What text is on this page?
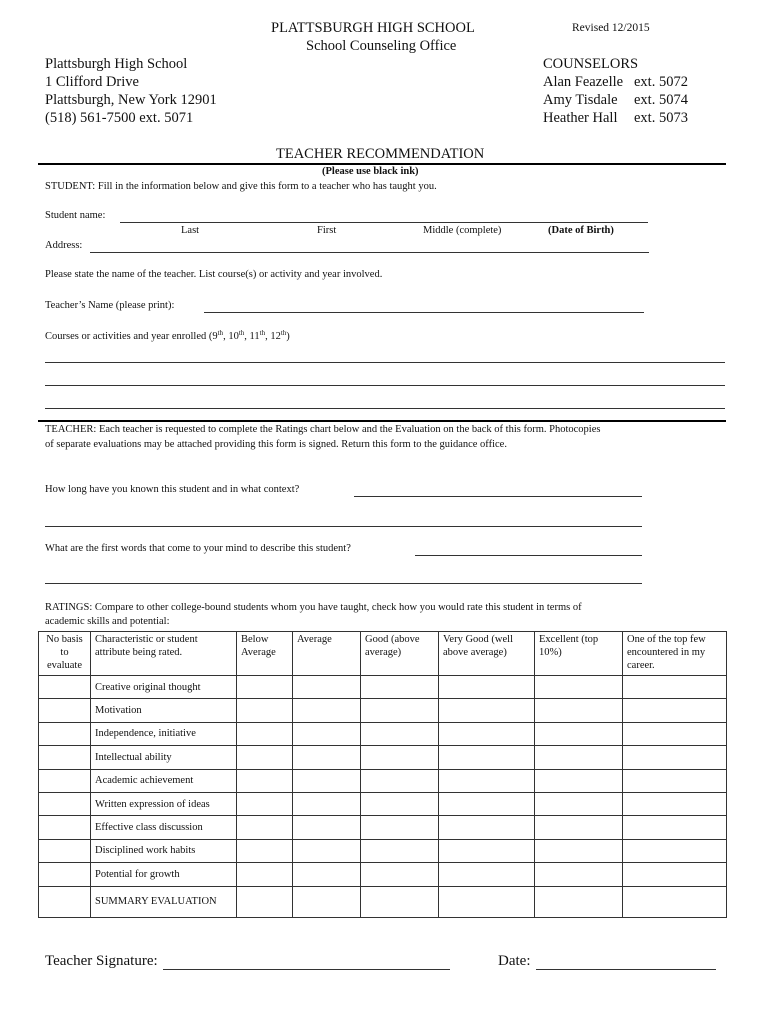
PLATTSBURGH HIGH SCHOOL
School Counseling Office
Revised 12/2015
Plattsburgh High School
1 Clifford Drive
Plattsburgh, New York 12901
(518) 561-7500 ext. 5071
COUNSELORS
Alan Feazelle ext. 5072
Amy Tisdale ext. 5074
Heather Hall ext. 5073
TEACHER RECOMMENDATION
(Please use black ink)
STUDENT: Fill in the information below and give this form to a teacher who has taught you.
Student name:
Last	First	Middle (complete)	(Date of Birth)
Address:
Please state the name of the teacher. List course(s) or activity and year involved.
Teacher’s Name (please print):
Courses or activities and year enrolled (9th, 10th, 11th, 12th)
TEACHER: Each teacher is requested to complete the Ratings chart below and the Evaluation on the back of this form. Photocopies
of separate evaluations may be attached providing this form is signed. Return this form to the guidance office.
How long have you known this student and in what context?
What are the first words that come to your mind to describe this student?
RATINGS: Compare to other college-bound students whom you have taught, check how you would rate this student in terms of
academic skills and potential:
No basis to evaluate	Characteristic or student attribute being rated.	Below Average	Average	Good (above average)	Very Good (well above average)	Excellent (top 10%)	One of the top few encountered in my career.
	Creative original thought						
	Motivation						
	Independence, initiative						
	Intellectual ability						
	Academic achievement						
	Written expression of ideas						
	Effective class discussion						
	Disciplined work habits						
	Potential for growth						
	SUMMARY EVALUATION						
Teacher Signature:	Date:
